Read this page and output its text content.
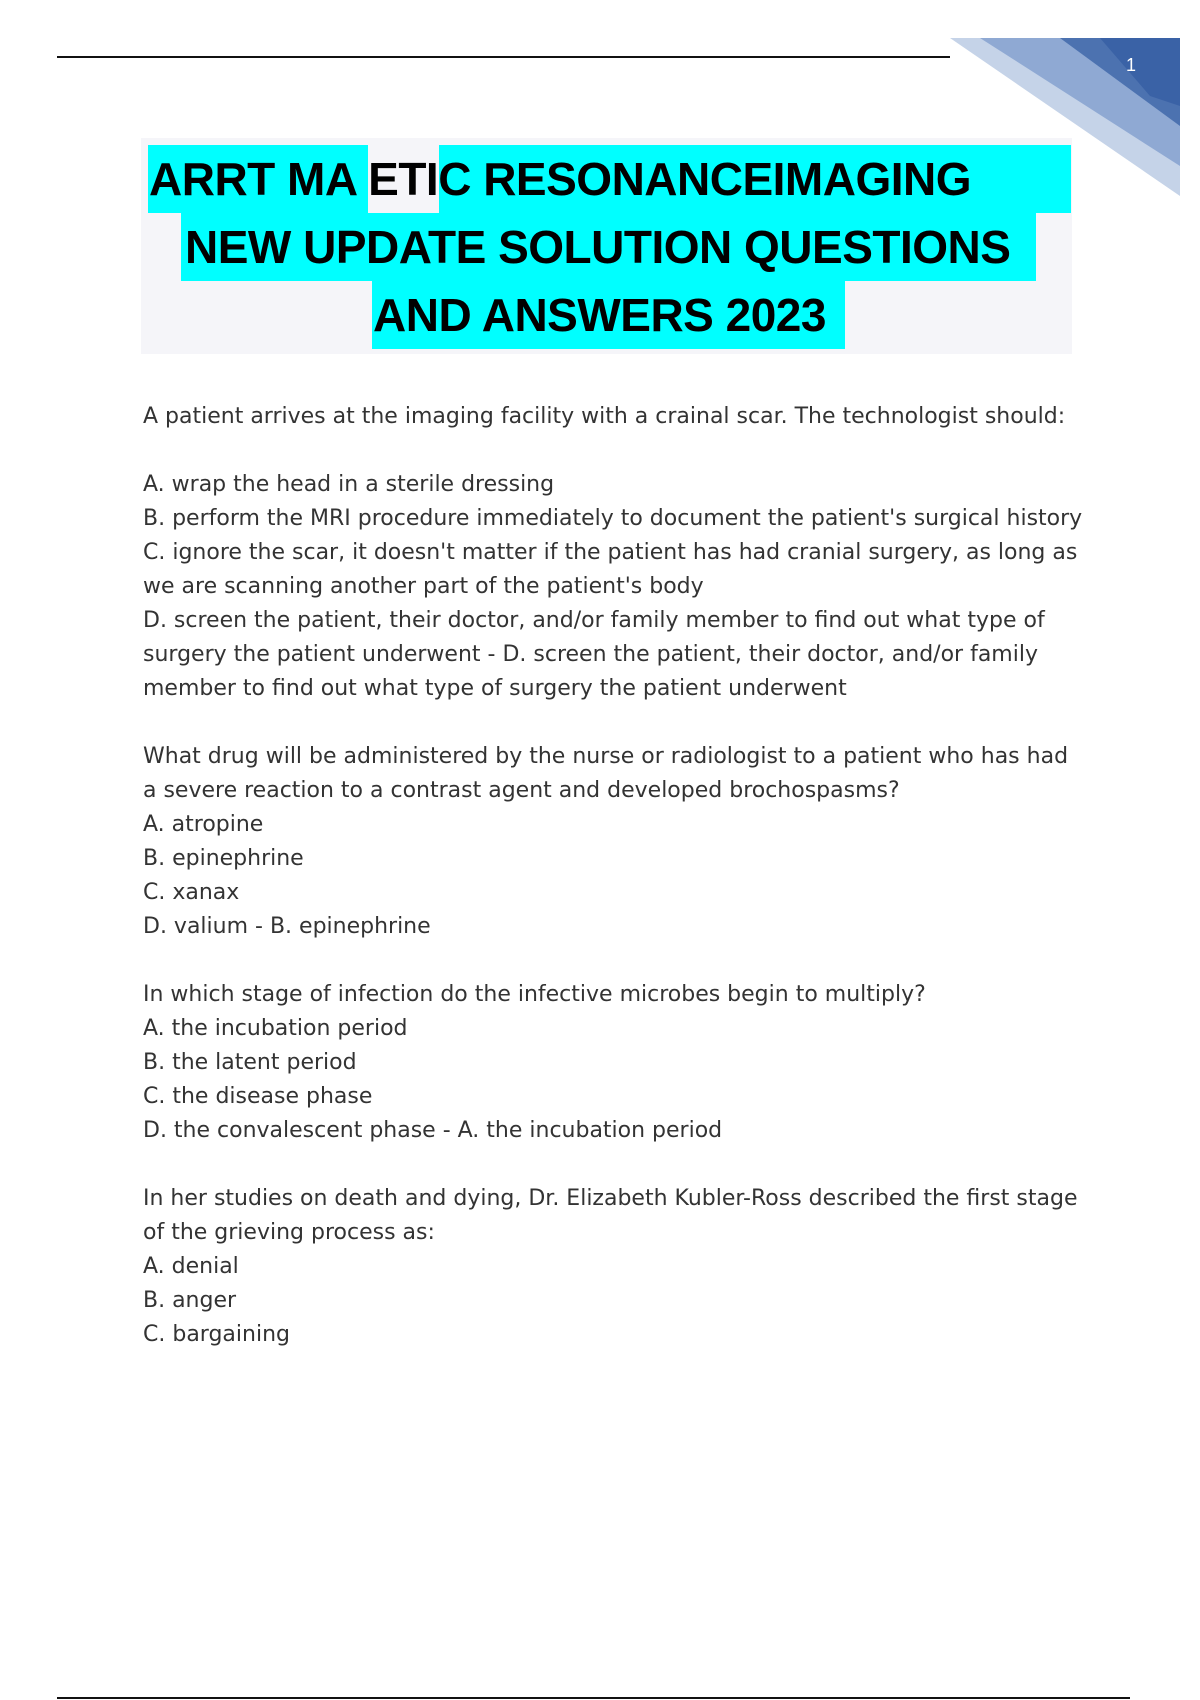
1
ARRT MA ETIC RESONANCEIMAGING
NEW UPDATE SOLUTION QUESTIONS
AND ANSWERS 2023

A patient arrives at the imaging facility with a crainal scar. The technologist should:

A. wrap the head in a sterile dressing

B. perform the MRI procedure immediately to document the patient's surgical history

C. ignore the scar, it doesn't matter if the patient has had cranial surgery, as long as we are scanning another part of the patient's body

D. screen the patient, their doctor, and/or family member to find out what type of surgery the patient underwent - D. screen the patient, their doctor, and/or family member to find out what type of surgery the patient underwent

What drug will be administered by the nurse or radiologist to a patient who has had a severe reaction to a contrast agent and developed brochospasms?

A. atropine

B. epinephrine

C. xanax

D. valium - B. epinephrine

In which stage of infection do the infective microbes begin to multiply?

A. the incubation period

B. the latent period

C. the disease phase

D. the convalescent phase - A. the incubation period

In her studies on death and dying, Dr. Elizabeth Kubler-Ross described the first stage of the grieving process as:

A. denial

B. anger

C. bargaining
